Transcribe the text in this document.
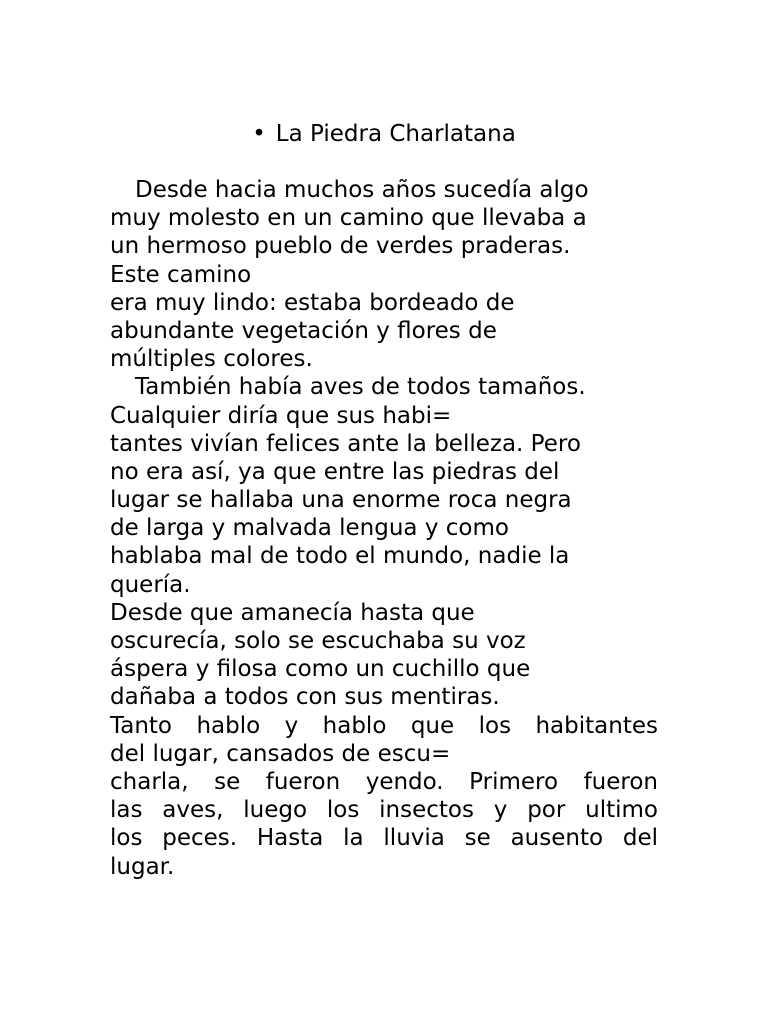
• La Piedra Charlatana
Desde hacia muchos años sucedía algo
muy molesto en un camino que llevaba a
un hermoso pueblo de verdes praderas.
Este camino
era muy lindo: estaba bordeado de
abundante vegetación y flores de
múltiples colores.
También había aves de todos tamaños.
Cualquier diría que sus habi=
tantes vivían felices ante la belleza. Pero
no era así, ya que entre las piedras del
lugar se hallaba una enorme roca negra
de larga y malvada lengua y como
hablaba mal de todo el mundo, nadie la
quería.
Desde que amanecía hasta que
oscurecía, solo se escuchaba su voz
áspera y filosa como un cuchillo que
dañaba a todos con sus mentiras.
Tanto hablo y hablo que los habitantes
del lugar, cansados de escu=
charla, se fueron yendo. Primero fueron
las aves, luego los insectos y por ultimo
los peces. Hasta la lluvia se ausento del
lugar.
